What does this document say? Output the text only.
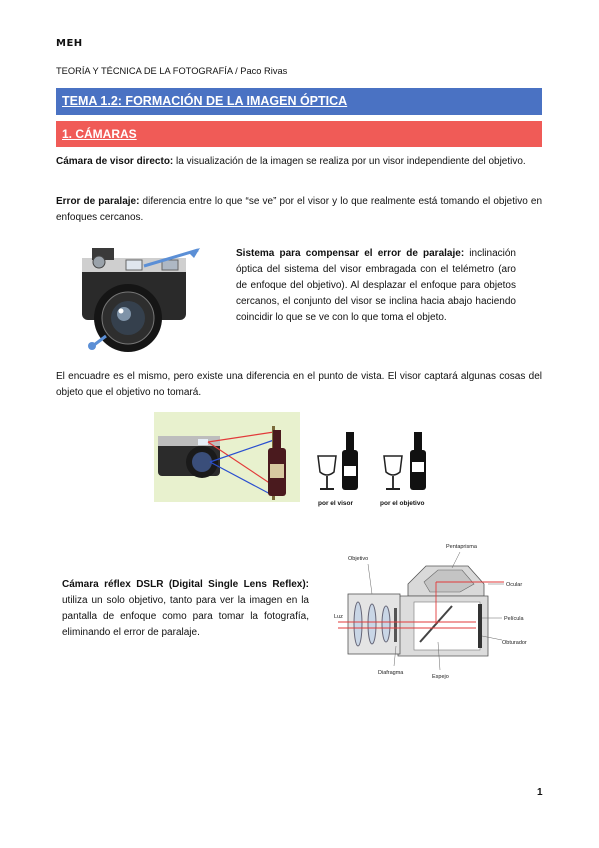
MEH
TEORÍA Y TÉCNICA DE LA FOTOGRAFÍA / Paco Rivas
TEMA 1.2: FORMACIÓN DE LA IMAGEN ÓPTICA
1. CÁMARAS
Cámara de visor directo: la visualización de la imagen se realiza por un visor independiente del objetivo.
Error de paralaje: diferencia entre lo que “se ve” por el visor y lo que realmente está tomando el objetivo en enfoques cercanos.
Sistema para compensar el error de paralaje: inclinación óptica del sistema del visor embragada con el telémetro (aro de enfoque del objetivo). Al desplazar el enfoque para objetos cercanos, el conjunto del visor se inclina hacia abajo haciendo coincidir lo que se ve con lo que toma el objeto.
El encuadre es el mismo, pero existe una diferencia en el punto de vista. El visor captará algunas cosas del objeto que el objetivo no tomará.
por el visor	por el objetivo
Cámara réflex DSLR (Digital Single Lens Reflex): utiliza un solo objetivo, tanto para ver la imagen en la pantalla de enfoque como para tomar la fotografía, eliminando el error de paralaje.
Pentaprisma
Objetivo
Ocular
Luz	Película
Obturador
Diafragma
Espejo
1
